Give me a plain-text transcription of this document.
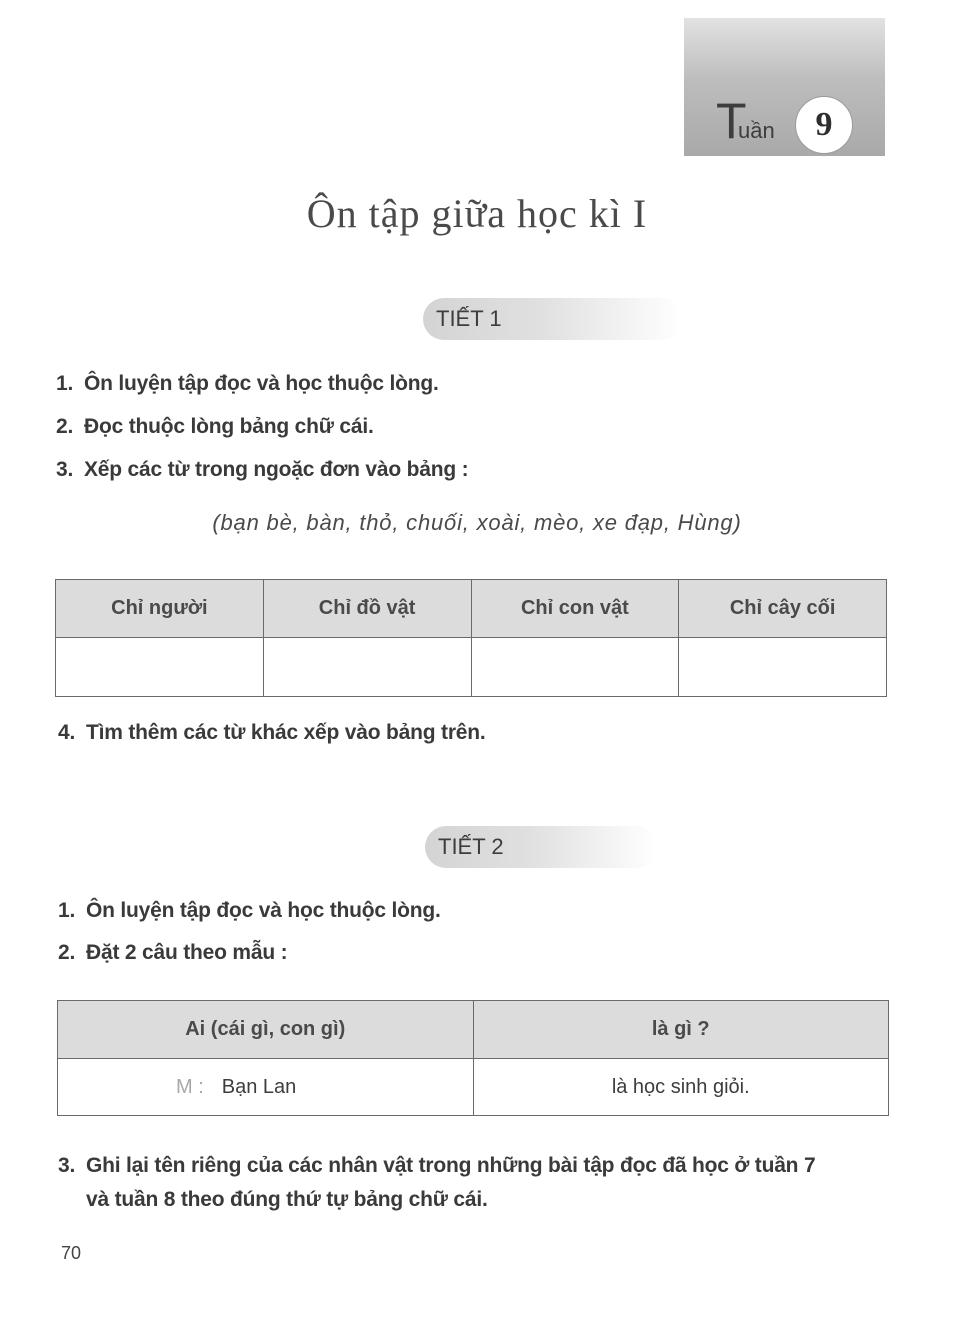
T
uần	9
Ôn tập giữa học kì I
TIẾT 1
1. Ôn luyện tập đọc và học thuộc lòng.
2. Đọc thuộc lòng bảng chữ cái.
3. Xếp các từ trong ngoặc đơn vào bảng :
(bạn bè, bàn, thỏ, chuối, xoài, mèo, xe đạp, Hùng)
Chỉ người	Chỉ đồ vật	Chỉ con vật	Chỉ cây cối

4. Tìm thêm các từ khác xếp vào bảng trên.
TIẾT 2
1. Ôn luyện tập đọc và học thuộc lòng.
2. Đặt 2 câu theo mẫu :
Ai (cái gì, con gì)	là gì ?
M : Bạn Lan	là học sinh giỏi.
3. Ghi lại tên riêng của các nhân vật trong những bài tập đọc đã học ở tuần 7
và tuần 8 theo đúng thứ tự bảng chữ cái.
70
